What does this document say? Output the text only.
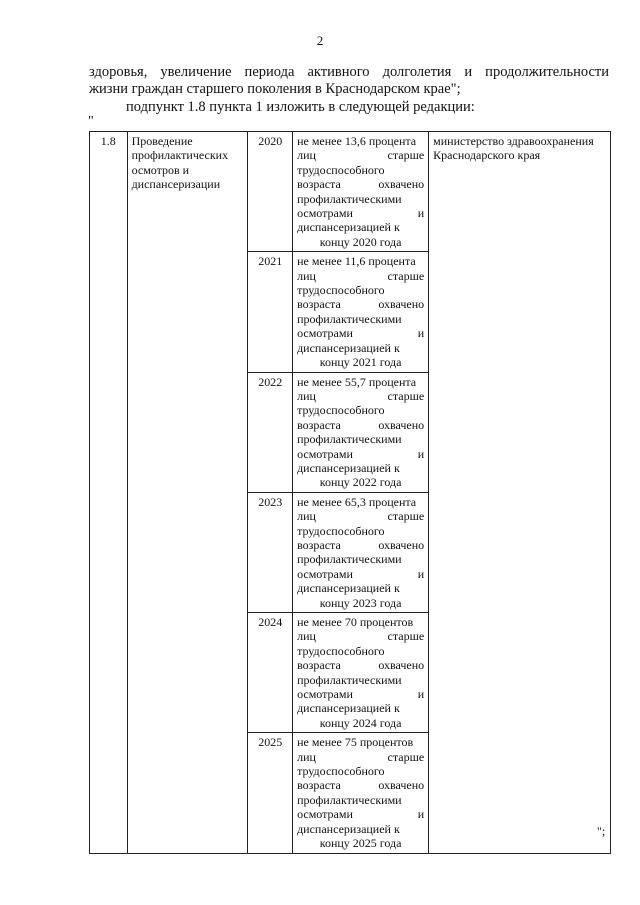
2
здоровья, увеличение периода активного долголетия и продолжительности
жизни граждан старшего поколения в Краснодарском крае";
подпункт 1.8 пункта 1 изложить в следующей редакции:
"
1.8	Проведение профилактических осмотров и диспансеризации	2020	не менее 13,6 процента
лиц старше трудоспособного возраста охвачено профилактическими осмотрами и диспансеризацией к
концу 2020 года	министерство здравоохранения Краснодарского края
		2021	не менее 11,6 процента
лиц старше трудоспособного возраста охвачено профилактическими осмотрами и диспансеризацией к
концу 2021 года	

		2022	не менее 55,7 процента
лиц старше трудоспособного возраста охвачено профилактическими осмотрами и диспансеризацией к
концу 2022 года	

		2023	не менее 65,3 процента
лиц старше трудоспособного возраста охвачено профилактическими осмотрами и диспансеризацией к
концу 2023 года	

		2024	не менее 70 процентов
лиц старше трудоспособного возраста охвачено профилактическими осмотрами и диспансеризацией к
концу 2024 года	

		2025	не менее 75 процентов
лиц старше трудоспособного возраста охвачено профилактическими осмотрами и диспансеризацией к
концу 2025 года	
";
